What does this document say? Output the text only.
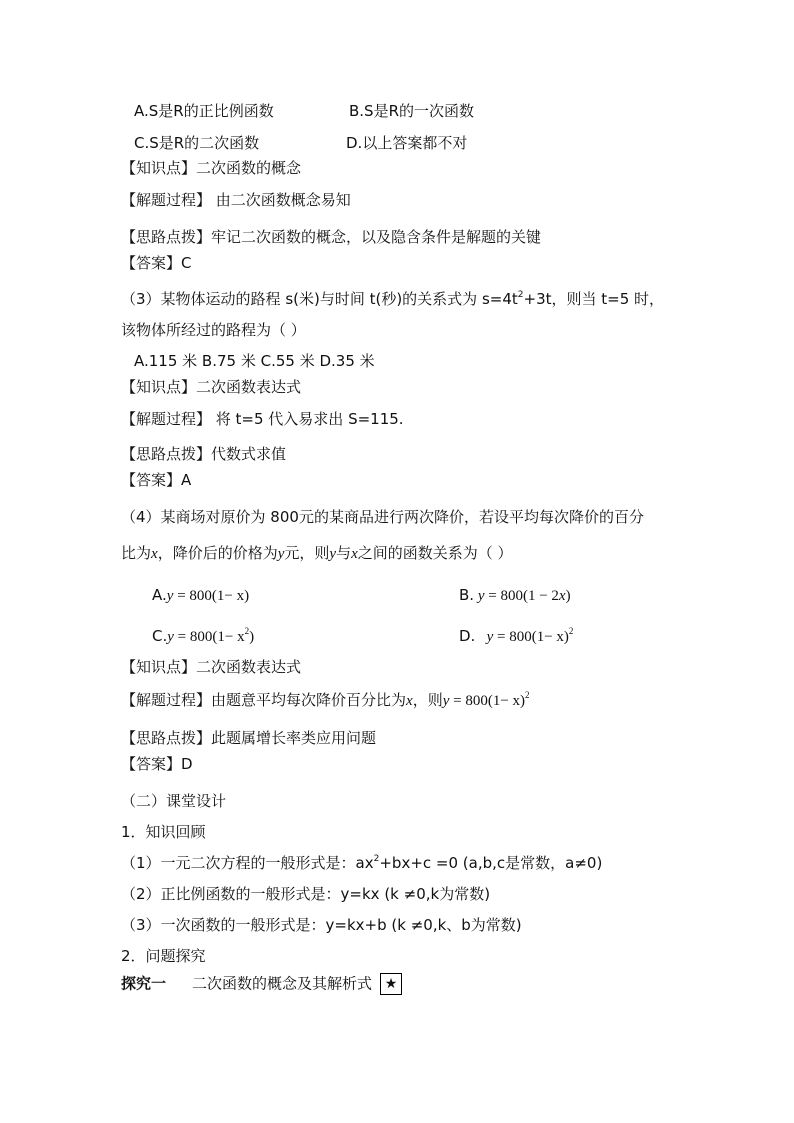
A.S是R的正比例函数	B.S是R的一次函数
C.S是R的二次函数	D.以上答案都不对
【知识点】二次函数的概念
【解题过程】 由二次函数概念易知
【思路点拨】牢记二次函数的概念，以及隐含条件是解题的关键
【答案】C
（3）某物体运动的路程 s(米)与时间 t(秒)的关系式为 $s=4t^2+3t$，则当 t=5 时，
该物体所经过的路程为（ ）
A.115 米 B.75 米 C.55 米 D.35 米
【知识点】二次函数表达式
【解题过程】 将 t=5 代入易求出 S=115.
【思路点拨】代数式求值
【答案】A
（4）某商场对原价为 800元的某商品进行两次降价，若设平均每次降价的百分
比为x，降价后的价格为y元，则y与x之间的函数关系为（ ）
A.y = 800(1− x)	B. y = 800(1 − 2x)
$C.y = 800(1- x^2)$	D. $y = 800(1- x)^2$
【知识点】二次函数表达式
【解题过程】由题意平均每次降价百分比为x，则$y = 800(1- x)^2$
【思路点拨】此题属增长率类应用问题
【答案】D
（二）课堂设计
1．知识回顾
（1）一元二次方程的一般形式是：$ax^2+bx+c =0$ (a,b,c是常数，a≠0)
（2）正比例函数的一般形式是：y=kx (k ≠0,k为常数)
（3）一次函数的一般形式是：y=kx+b (k ≠0,k、b为常数)
2．问题探究
探究一 二次函数的概念及其解析式 ★
